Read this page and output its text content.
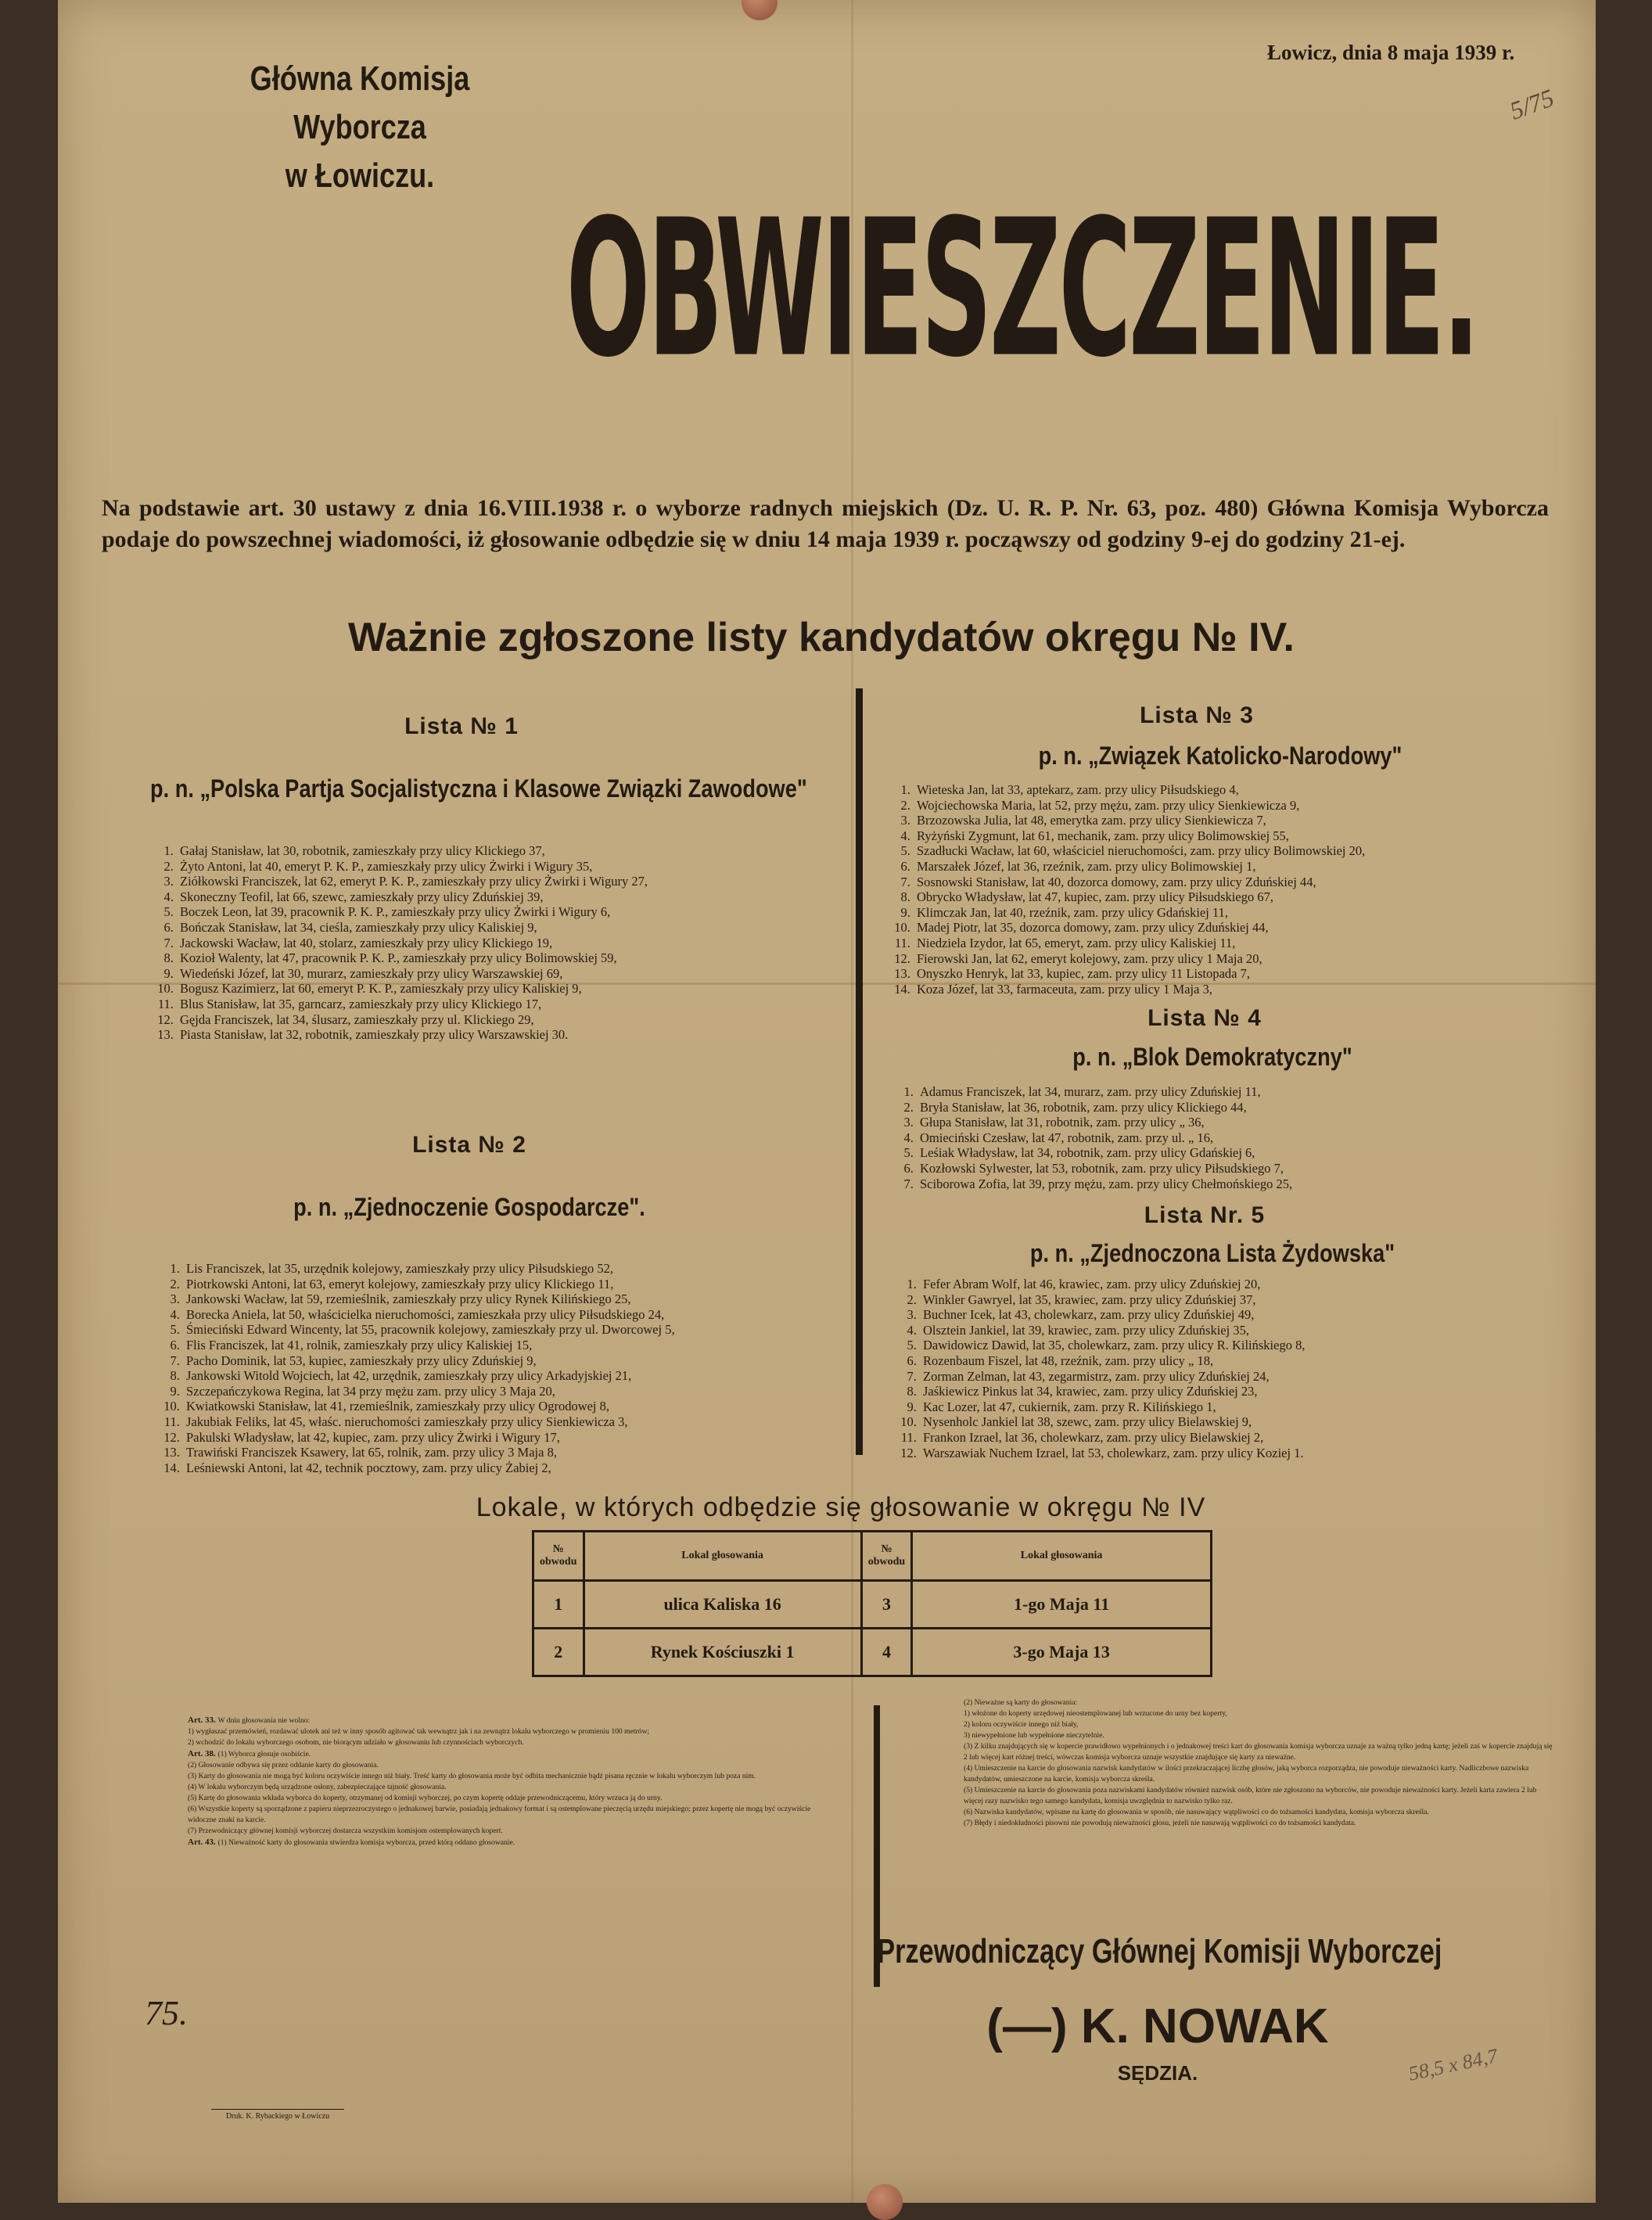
Główna Komisja Wyborcza
w Łowiczu.
Łowicz, dnia 8 maja 1939 r.
5/75
OBWIESZCZENIE.
Na podstawie art. 30 ustawy z dnia 16.VIII.1938 r. o wyborze radnych miejskich (Dz. U. R. P. Nr. 63, poz. 480) Główna Komisja Wyborcza podaje do powszechnej wiadomości, iż głosowanie odbędzie się w dniu 14 maja 1939 r. począwszy od godziny 9-ej do godziny 21-ej.
Ważnie zgłoszone listy kandydatów okręgu № IV.
Lista № 1
p. n. „Polska Partja Socjalistyczna i Klasowe Związki Zawodowe"
1. Gałaj Stanisław, lat 30, robotnik, zamieszkały przy ulicy Klickiego 37,
2. Żyto Antoni, lat 40, emeryt P. K. P., zamieszkały przy ulicy Żwirki i Wigury 35,
3. Ziółkowski Franciszek, lat 62, emeryt P. K. P., zamieszkały przy ulicy Żwirki i Wigury 27,
4. Skoneczny Teofil, lat 66, szewc, zamieszkały przy ulicy Zduńskiej 39,
5. Boczek Leon, lat 39, pracownik P. K. P., zamieszkały przy ulicy Żwirki i Wigury 6,
6. Bończak Stanisław, lat 34, cieśla, zamieszkały przy ulicy Kaliskiej 9,
7. Jackowski Wacław, lat 40, stolarz, zamieszkały przy ulicy Klickiego 19,
8. Kozioł Walenty, lat 47, pracownik P. K. P., zamieszkały przy ulicy Bolimowskiej 59,
9. Wiedeński Józef, lat 30, murarz, zamieszkały przy ulicy Warszawskiej 69,
10. Bogusz Kazimierz, lat 60, emeryt P. K. P., zamieszkały przy ulicy Kaliskiej 9,
11. Blus Stanisław, lat 35, garncarz, zamieszkały przy ulicy Klickiego 17,
12. Gęjda Franciszek, lat 34, ślusarz, zamieszkały przy ul. Klickiego 29,
13. Piasta Stanisław, lat 32, robotnik, zamieszkały przy ulicy Warszawskiej 30.
Lista № 2
p. n. „Zjednoczenie Gospodarcze".
1. Lis Franciszek, lat 35, urzędnik kolejowy, zamieszkały przy ulicy Piłsudskiego 52,
2. Piotrkowski Antoni, lat 63, emeryt kolejowy, zamieszkały przy ulicy Klickiego 11,
3. Jankowski Wacław, lat 59, rzemieślnik, zamieszkały przy ulicy Rynek Kilińskiego 25,
4. Borecka Aniela, lat 50, właścicielka nieruchomości, zamieszkała przy ulicy Piłsudskiego 24,
5. Śmieciński Edward Wincenty, lat 55, pracownik kolejowy, zamieszkały przy ul. Dworcowej 5,
6. Flis Franciszek, lat 41, rolnik, zamieszkały przy ulicy Kaliskiej 15,
7. Pacho Dominik, lat 53, kupiec, zamieszkały przy ulicy Zduńskiej 9,
8. Jankowski Witold Wojciech, lat 42, urzędnik, zamieszkały przy ulicy Arkadyjskiej 21,
9. Szczepańczykowa Regina, lat 34 przy mężu zam. przy ulicy 3 Maja 20,
10. Kwiatkowski Stanisław, lat 41, rzemieślnik, zamieszkały przy ulicy Ogrodowej 8,
11. Jakubiak Feliks, lat 45, właśc. nieruchomości zamieszkały przy ulicy Sienkiewicza 3,
12. Pakulski Władysław, lat 42, kupiec, zam. przy ulicy Żwirki i Wigury 17,
13. Trawiński Franciszek Ksawery, lat 65, rolnik, zam. przy ulicy 3 Maja 8,
14. Leśniewski Antoni, lat 42, technik pocztowy, zam. przy ulicy Żabiej 2,
Lista № 3
p. n. „Związek Katolicko-Narodowy"
1. Wieteska Jan, lat 33, aptekarz, zam. przy ulicy Piłsudskiego 4,
2. Wojciechowska Maria, lat 52, przy mężu, zam. przy ulicy Sienkiewicza 9,
3. Brzozowska Julia, lat 48, emerytka zam. przy ulicy Sienkiewicza 7,
4. Ryżyński Zygmunt, lat 61, mechanik, zam. przy ulicy Bolimowskiej 55,
5. Szadłucki Wacław, lat 60, właściciel nieruchomości, zam. przy ulicy Bolimowskiej 20,
6. Marszałek Józef, lat 36, rzeźnik, zam. przy ulicy Bolimowskiej 1,
7. Sosnowski Stanisław, lat 40, dozorca domowy, zam. przy ulicy Zduńskiej 44,
8. Obrycko Władysław, lat 47, kupiec, zam. przy ulicy Piłsudskiego 67,
9. Klimczak Jan, lat 40, rzeźnik, zam. przy ulicy Gdańskiej 11,
10. Madej Piotr, lat 35, dozorca domowy, zam. przy ulicy Zduńskiej 44,
11. Niedziela Izydor, lat 65, emeryt, zam. przy ulicy Kaliskiej 11,
12. Fierowski Jan, lat 62, emeryt kolejowy, zam. przy ulicy 1 Maja 20,
13. Onyszko Henryk, lat 33, kupiec, zam. przy ulicy 11 Listopada 7,
14. Koza Józef, lat 33, farmaceuta, zam. przy ulicy 1 Maja 3,
Lista № 4
p. n. „Blok Demokratyczny"
1. Adamus Franciszek, lat 34, murarz, zam. przy ulicy Zduńskiej 11,
2. Bryła Stanisław, lat 36, robotnik, zam. przy ulicy Klickiego 44,
3. Głupa Stanisław, lat 31, robotnik, zam. przy ulicy „ 36,
4. Omieciński Czesław, lat 47, robotnik, zam. przy ul. „ 16,
5. Leśiak Władysław, lat 34, robotnik, zam. przy ulicy Gdańskiej 6,
6. Kozłowski Sylwester, lat 53, robotnik, zam. przy ulicy Piłsudskiego 7,
7. Sciborowa Zofia, lat 39, przy mężu, zam. przy ulicy Chełmońskiego 25,
Lista Nr. 5
p. n. „Zjednoczona Lista Żydowska"
1. Fefer Abram Wolf, lat 46, krawiec, zam. przy ulicy Zduńskiej 20,
2. Winkler Gawryel, lat 35, krawiec, zam. przy ulicy Zduńskiej 37,
3. Buchner Icek, lat 43, cholewkarz, zam. przy ulicy Zduńskiej 49,
4. Olsztein Jankiel, lat 39, krawiec, zam. przy ulicy Zduńskiej 35,
5. Dawidowicz Dawid, lat 35, cholewkarz, zam. przy ulicy R. Kilińskiego 8,
6. Rozenbaum Fiszel, lat 48, rzeźnik, zam. przy ulicy „ 18,
7. Zorman Zelman, lat 43, zegarmistrz, zam. przy ulicy Zduńskiej 24,
8. Jaśkiewicz Pinkus lat 34, krawiec, zam. przy ulicy Zduńskiej 23,
9. Kac Lozer, lat 47, cukiernik, zam. przy R. Kilińskiego 1,
10. Nysenholc Jankiel lat 38, szewc, zam. przy ulicy Bielawskiej 9,
11. Frankon Izrael, lat 36, cholewkarz, zam. przy ulicy Bielawskiej 2,
12. Warszawiak Nuchem Izrael, lat 53, cholewkarz, zam. przy ulicy Koziej 1.
Lokale, w których odbędzie się głosowanie w okręgu № IV
№ obwodu	Lokal głosowania	№ obwodu	Lokal głosowania
1	ulica Kaliska 16	3	1-go Maja 11
2	Rynek Kościuszki 1	4	3-go Maja 13
Art. 33. W dniu głosowania nie wolno:
1) wygłaszać przemówień, rozdawać ulotek ani też w inny sposób agitować tak wewnątrz jak i na zewnątrz lokalu wyborczego w promieniu 100 metrów;
2) wchodzić do lokalu wyborczego osobom, nie biorącym udziału w głosowaniu lub czynnościach wyborczych.
Art. 38. (1) Wyborca głosuje osobiście.
(2) Głosowanie odbywa się przez oddanie karty do głosowania.
(3) Karty do głosowania nie mogą być koloru oczywiście innego niż biały. Treść karty do głosowania może być odbita mechanicznie bądź pisana ręcznie w lokalu wyborczym lub poza nim.
(4) W lokalu wyborczym będą urządzone osłony, zabezpieczające tajność głosowania.
(5) Kartę do głosowania wkłada wyborca do koperty, otrzymanej od komisji wyborczej, po czym kopertę oddaje przewodniczącemu, który wrzuca ją do urny.
(6) Wszystkie koperty są sporządzone z papieru nieprzezroczystego o jednakowej barwie, posiadają jednakowy format i są ostemplowane pieczęcią urzędu miejskiego; przez kopertę nie mogą być oczywiście widoczne znaki na karcie.
(7) Przewodniczący głównej komisji wyborczej dostarcza wszystkim komisjom ostemplowanych kopert.
Art. 43. (1) Nieważność karty do głosowania stwierdza komisja wyborcza, przed którą oddano głosowanie.
(2) Nieważne są karty do głosowania:
1) włożone do koperty urzędowej nieostemplowanej lub wrzucone do urny bez koperty,
2) koloru oczywiście innego niż biały,
3) niewypełnione lub wypełnione nieczytelnie.
(3) Z kilku znajdujących się w kopercie prawidłowo wypełnionych i o jednakowej treści kart do głosowania komisja wyborcza uznaje za ważną tylko jedną kartę; jeżeli zaś w kopercie znajdują się 2 lub więcej kart różnej treści, wówczas komisja wyborcza uznaje wszystkie znajdujące się karty za nieważne.
(4) Umieszczenie na karcie do głosowania nazwisk kandydatów w ilości przekraczającej liczbę głosów, jaką wyborca rozporządza, nie powoduje nieważności karty. Nadliczbowe nazwiska kandydatów, umieszczone na karcie, komisja wyborcza skreśla.
(5) Umieszczenie na karcie do głosowania poza nazwiskami kandydatów również nazwisk osób, które nie zgłoszono na wyborców, nie powoduje nieważności karty. Jeżeli karta zawiera 2 lub więcej razy nazwisko tego samego kandydata, komisja uwzględnia to nazwisko tylko raz.
(6) Nazwiska kandydatów, wpisane na kartę do głosowania w sposób, nie nasuwający wątpliwości co do tożsamości kandydata, komisja wyborcza skreśla.
(7) Błędy i niedokładności pisowni nie powodują nieważności głosu, jeżeli nie nasuwają wątpliwości co do tożsamości kandydata.
Przewodniczący Głównej Komisji Wyborczej
(—) K. NOWAK
SĘDZIA.
75.
58,5 x 84,7
Druk. K. Rybackiego w Łowiczu
